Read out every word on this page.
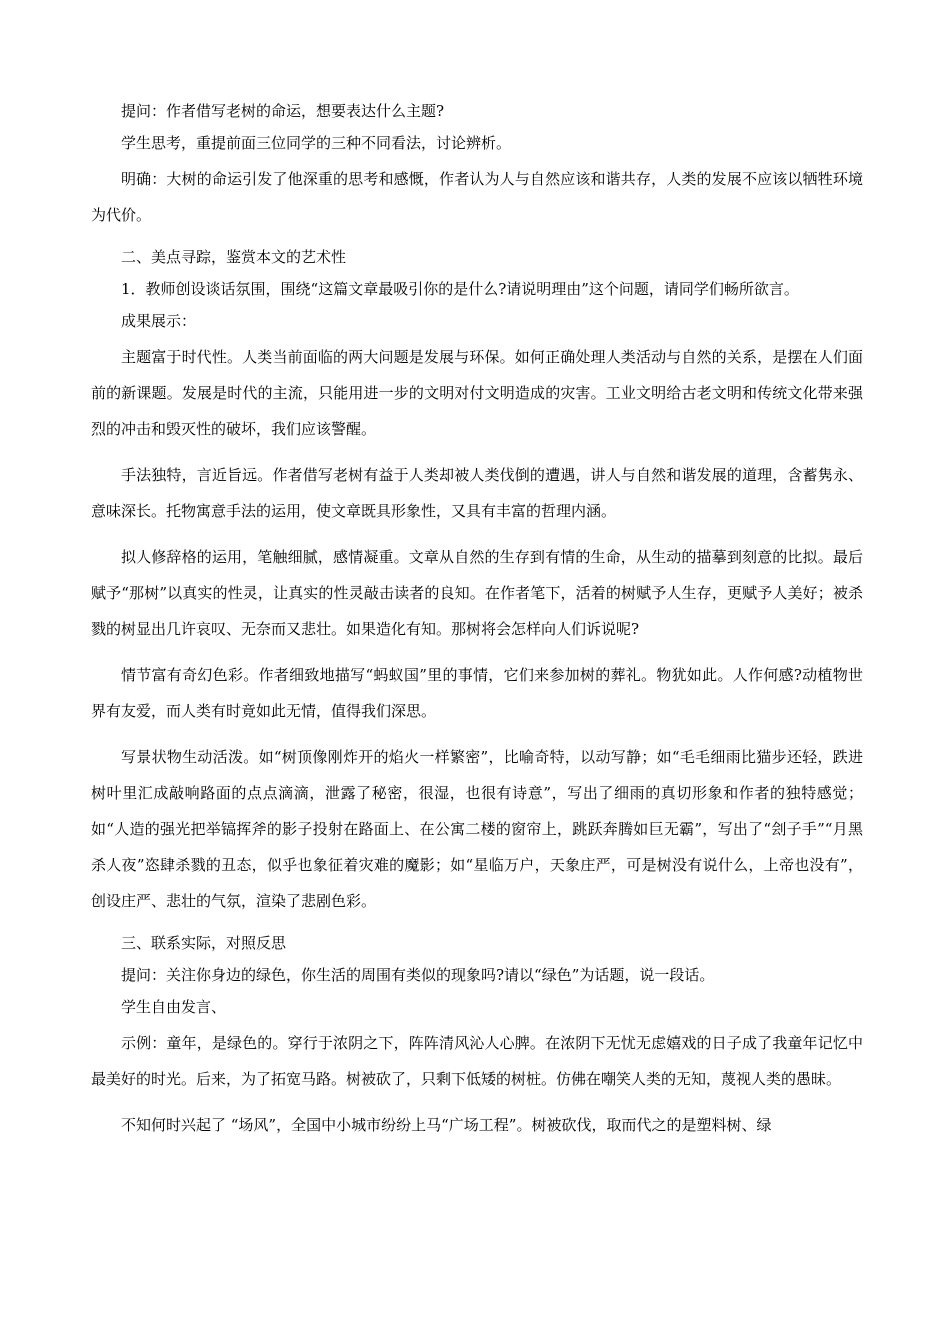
提问：作者借写老树的命运，想要表达什么主题?

学生思考，重提前面三位同学的三种不同看法，讨论辨析。

明确：大树的命运引发了他深重的思考和感慨，作者认为人与自然应该和谐共存，人类的发展不应该以牺牲环境为代价。

二、美点寻踪，鉴赏本文的艺术性

1．教师创设谈话氛围，围绕“这篇文章最吸引你的是什么?请说明理由”这个问题，请同学们畅所欲言。

成果展示：

主题富于时代性。人类当前面临的两大问题是发展与环保。如何正确处理人类活动与自然的关系，是摆在人们面前的新课题。发展是时代的主流，只能用进一步的文明对付文明造成的灾害。工业文明给古老文明和传统文化带来强烈的冲击和毁灭性的破坏，我们应该警醒。

手法独特，言近旨远。作者借写老树有益于人类却被人类伐倒的遭遇，讲人与自然和谐发展的道理，含蓄隽永、意味深长。托物寓意手法的运用，使文章既具形象性，又具有丰富的哲理内涵。

拟人修辞格的运用，笔触细腻，感情凝重。文章从自然的生存到有情的生命，从生动的描摹到刻意的比拟。最后赋予“那树”以真实的性灵，让真实的性灵敲击读者的良知。在作者笔下，活着的树赋予人生存，更赋予人美好；被杀戮的树显出几许哀叹、无奈而又悲壮。如果造化有知。那树将会怎样向人们诉说呢?

情节富有奇幻色彩。作者细致地描写“蚂蚁国”里的事情，它们来参加树的葬礼。物犹如此。人作何感?动植物世界有友爱，而人类有时竟如此无情，值得我们深思。

写景状物生动活泼。如“树顶像刚炸开的焰火一样繁密”，比喻奇特，以动写静；如“毛毛细雨比猫步还轻，跌进树叶里汇成敲响路面的点点滴滴，泄露了秘密，很湿，也很有诗意”，写出了细雨的真切形象和作者的独特感觉；如“人造的强光把举镐挥斧的影子投射在路面上、在公寓二楼的窗帘上，跳跃奔腾如巨无霸”，写出了“刽子手”“月黑杀人夜”恣肆杀戮的丑态，似乎也象征着灾难的魔影；如“星临万户，天象庄严，可是树没有说什么，上帝也没有”，创设庄严、悲壮的气氛，渲染了悲剧色彩。

三、联系实际，对照反思

提问：关注你身边的绿色，你生活的周围有类似的现象吗?请以“绿色”为话题，说一段话。

学生自由发言、

示例：童年，是绿色的。穿行于浓阴之下，阵阵清风沁人心脾。在浓阴下无忧无虑嬉戏的日子成了我童年记忆中最美好的时光。后来，为了拓宽马路。树被砍了，只剩下低矮的树桩。仿佛在嘲笑人类的无知，蔑视人类的愚昧。

不知何时兴起了 “场风”，全国中小城市纷纷上马“广场工程”。树被砍伐，取而代之的是塑料树、绿
